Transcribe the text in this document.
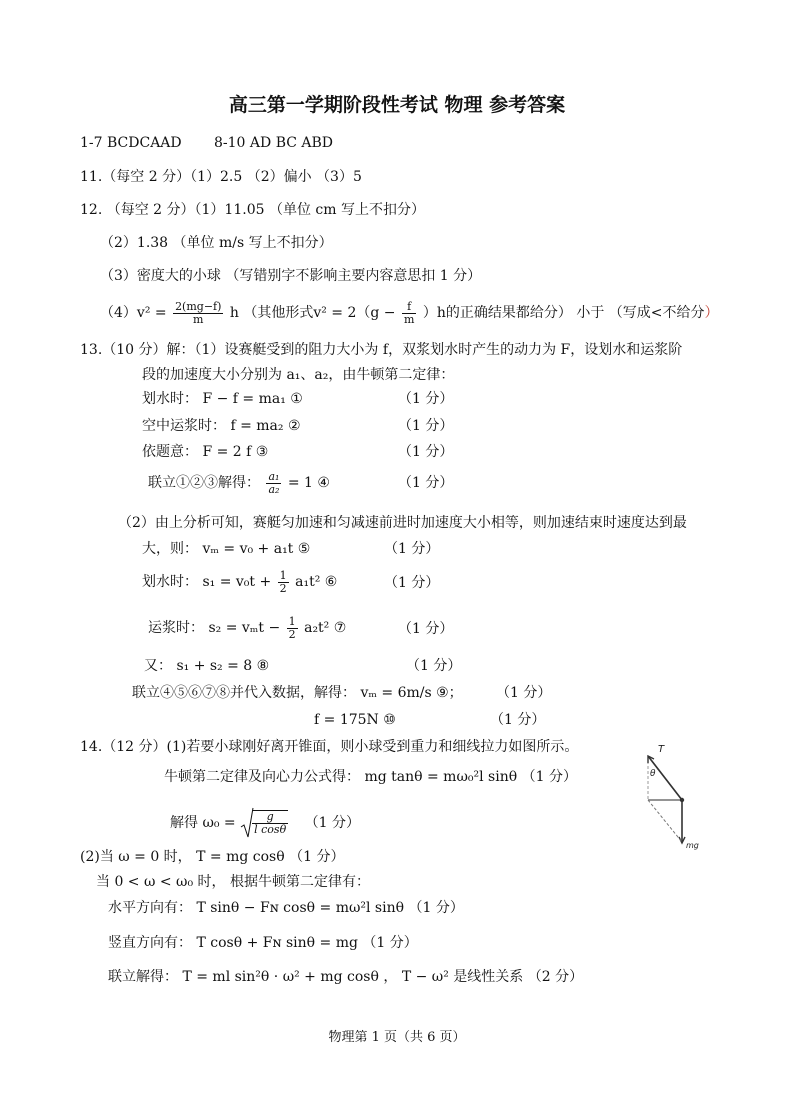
高三第一学期阶段性考试 物理 参考答案
1-7 BCDCAAD 8-10 AD BC ABD
11.（每空 2 分）（1）2.5 （2）偏小 （3）5
12. （每空 2 分）（1）11.05 （单位 cm 写上不扣分）
（2）1.38 （单位 m/s 写上不扣分）
（3）密度大的小球 （写错别字不影响主要内容意思扣 1 分）
$(4)v^2 = \frac{2(mg-f)}{m}$ h （其他形式$v^2 = 2(g - \frac{f}{m} )h$的正确结果都给分） 小于 （写成<不给分）
13.（10 分）解：（1）设赛艇受到的阻力大小为 f，双浆划水时产生的动力为 F，设划水和运浆阶
段的加速度大小分别为 a₁、a₂，由牛顿第二定律：
划水时： F − f = ma₁ ①	（1 分）
空中运浆时： f = ma₂ ②	（1 分）
依题意： F = 2 f ③	（1 分）
联立①②③解得： $\frac{\text{a₁}}{\text{a₂}} = 1$ ④	（1 分）
（2）由上分析可知，赛艇匀加速和匀减速前进时加速度大小相等，则加速结束时速度达到最
大，则： vₘ = v₀ + a₁t ⑤	（1 分）
划水时： $s_1 = v_0t + \frac{1}{2} a_1t^2$ ⑥	（1 分）
运浆时： $s_2 = v_mt - \frac{1}{2} a_2t^2$ ⑦	（1 分）
又： s₁ + s₂ = 8 ⑧	（1 分）
联立④⑤⑥⑦⑧并代入数据，解得： vₘ = 6m/s ⑨； （1 分）
f = 175N ⑩	（1 分）
14.（12 分）(1)若要小球刚好离开锥面，则小球受到重力和细线拉力如图所示。
牛顿第二定律及向心力公式得： mg tanθ = mω₀²l sinθ （1 分）
解得 $\omega_0 = \frac{g}{\text{l cosθ}} (1$ 分）
(2)当 ω = 0 时， T = mg cosθ （1 分）
当 0 < ω < ω₀ 时， 根据牛顿第二定律有：
水平方向有： T sinθ − Fɴ cosθ = mω²l sinθ （1 分）
竖直方向有： T cosθ + Fɴ sinθ = mg （1 分）
联立解得： T = ml sin²θ · ω² + mg cosθ ， T − ω² 是线性关系 （2 分）
T
θ
mg
物理第 1 页（共 6 页）
